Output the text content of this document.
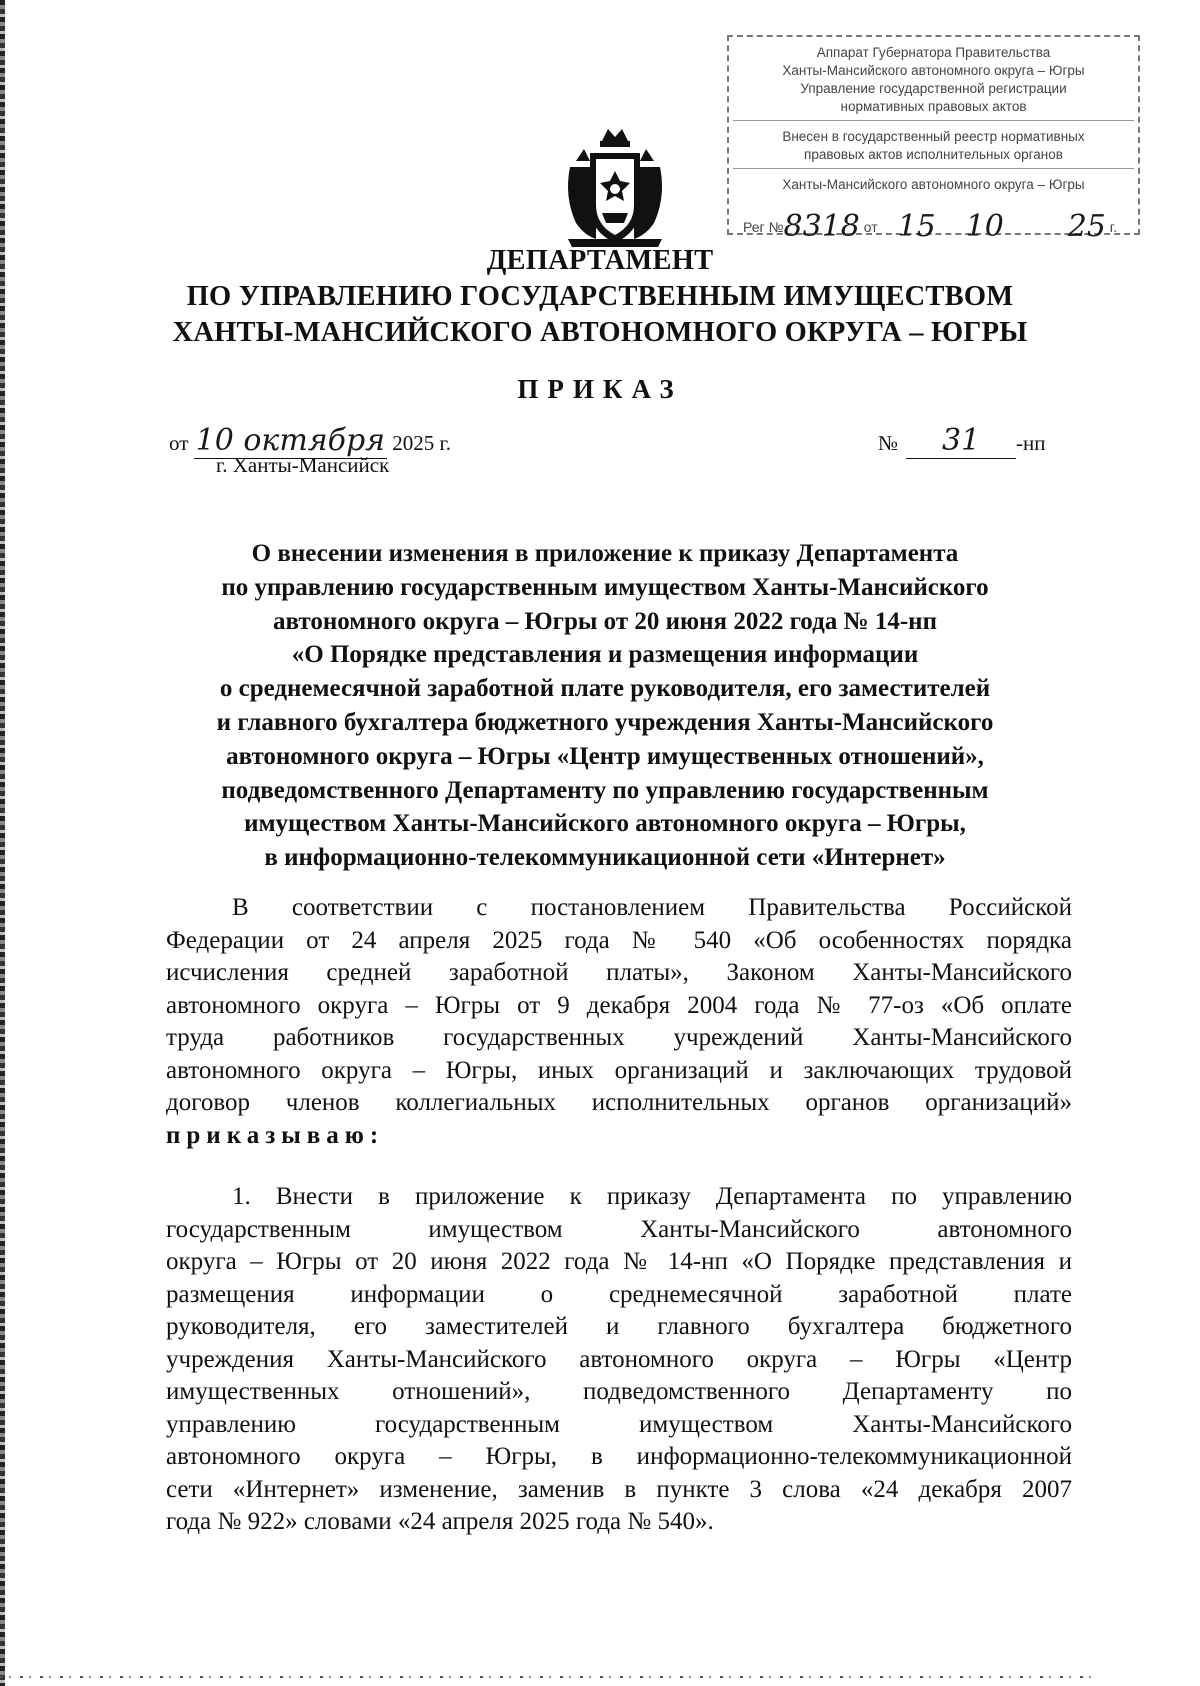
Аппарат Губернатора Правительства
Ханты-Мансийского автономного округа – Югры
Управление государственной регистрации
нормативных правовых актов
Внесен в государственный реестр нормативных
правовых актов исполнительных органов
Ханты-Мансийского автономного округа – Югры
Рег №8318 от 15 10 25 г.
ДЕПАРТАМЕНТ
ПО УПРАВЛЕНИЮ ГОСУДАРСТВЕННЫМ ИМУЩЕСТВОМ
ХАНТЫ-МАНСИЙСКОГО АВТОНОМНОГО ОКРУГА – ЮГРЫ
ПРИКАЗ
от 10 октября 2025 г.
г. Ханты-Мансийск
№ 31 -нп
О внесении изменения в приложение к приказу Департамента
по управлению государственным имуществом Ханты-Мансийского
автономного округа – Югры от 20 июня 2022 года № 14-нп
«О Порядке представления и размещения информации
о среднемесячной заработной плате руководителя, его заместителей
и главного бухгалтера бюджетного учреждения Ханты-Мансийского
автономного округа – Югры «Центр имущественных отношений»,
подведомственного Департаменту по управлению государственным
имуществом Ханты-Мансийского автономного округа – Югры,
в информационно-телекоммуникационной сети «Интернет»
В соответствии с постановлением Правительства Российской
Федерации от 24 апреля 2025 года № 540 «Об особенностях порядка
исчисления средней заработной платы», Законом Ханты-Мансийского
автономного округа – Югры от 9 декабря 2004 года № 77-оз «Об оплате
труда работников государственных учреждений Ханты-Мансийского
автономного округа – Югры, иных организаций и заключающих трудовой
договор членов коллегиальных исполнительных органов организаций»
приказываю:
1. Внести в приложение к приказу Департамента по управлению
государственным имуществом Ханты-Мансийского автономного
округа – Югры от 20 июня 2022 года № 14-нп «О Порядке представления и
размещения информации о среднемесячной заработной плате
руководителя, его заместителей и главного бухгалтера бюджетного
учреждения Ханты-Мансийского автономного округа – Югры «Центр
имущественных отношений», подведомственного Департаменту по
управлению государственным имуществом Ханты-Мансийского
автономного округа – Югры, в информационно-телекоммуникационной
сети «Интернет» изменение, заменив в пункте 3 слова «24 декабря 2007
года № 922» словами «24 апреля 2025 года № 540».
